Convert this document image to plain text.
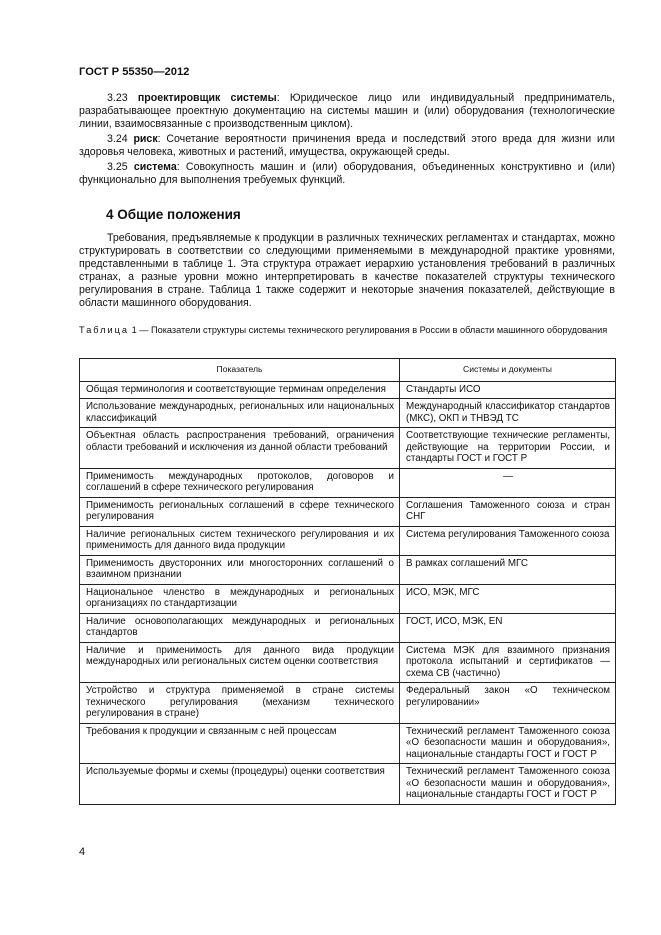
ГОСТ Р 55350—2012

3.23 проектировщик системы: Юридическое лицо или индивидуальный предприниматель, разрабатывающее проектную документацию на системы машин и (или) оборудования (технологические линии, взаимосвязанные с производственным циклом).

3.24 риск: Сочетание вероятности причинения вреда и последствий этого вреда для жизни или здоровья человека, животных и растений, имущества, окружающей среды.

3.25 система: Совокупность машин и (или) оборудования, объединенных конструктивно и (или) функционально для выполнения требуемых функций.

4 Общие положения

Требования, предъявляемые к продукции в различных технических регламентах и стандартах, можно структурировать в соответствии со следующими применяемыми в международной практике уровнями, представленными в таблице 1. Эта структура отражает иерархию установления требований в различных странах, а разные уровни можно интерпретировать в качестве показателей структуры технического регулирования в стране. Таблица 1 также содержит и некоторые значения показателей, действующие в области машинного оборудования.

Таблица 1 — Показатели структуры системы технического регулирования в России в области машинного оборудования

Показатель	Системы и документы
Общая терминология и соответствующие терминам определения	Стандарты ИСО
Использование международных, региональных или национальных классификаций	Международный классификатор стандартов (МКС), ОКП и ТНВЭД ТС
Объектная область распространения требований, ограничения области требований и исключения из данной области требований	Соответствующие технические регламенты, действующие на территории России, и стандарты ГОСТ и ГОСТ Р
Применимость международных протоколов, договоров и соглашений в сфере технического регулирования	—
Применимость региональных соглашений в сфере технического регулирования	Соглашения Таможенного союза и стран СНГ
Наличие региональных систем технического регулирования и их применимость для данного вида продукции	Система регулирования Таможенного союза
Применимость двусторонних или многосторонних соглашений о взаимном признании	В рамках соглашений МГС
Национальное членство в международных и региональных организациях по стандартизации	ИСО, МЭК, МГС
Наличие основополагающих международных и региональных стандартов	ГОСТ, ИСО, МЭК, EN
Наличие и применимость для данного вида продукции международных или региональных систем оценки соответствия	Система МЭК для взаимного признания протокола испытаний и сертификатов — схема СВ (частично)
Устройство и структура применяемой в стране системы технического регулирования (механизм технического регулирования в стране)	Федеральный закон «О техническом регулировании»
Требования к продукции и связанным с ней процессам	Технический регламент Таможенного союза «О безопасности машин и оборудования», национальные стандарты ГОСТ и ГОСТ Р
Используемые формы и схемы (процедуры) оценки соответствия	Технический регламент Таможенного союза «О безопасности машин и оборудования», национальные стандарты ГОСТ и ГОСТ Р
4
